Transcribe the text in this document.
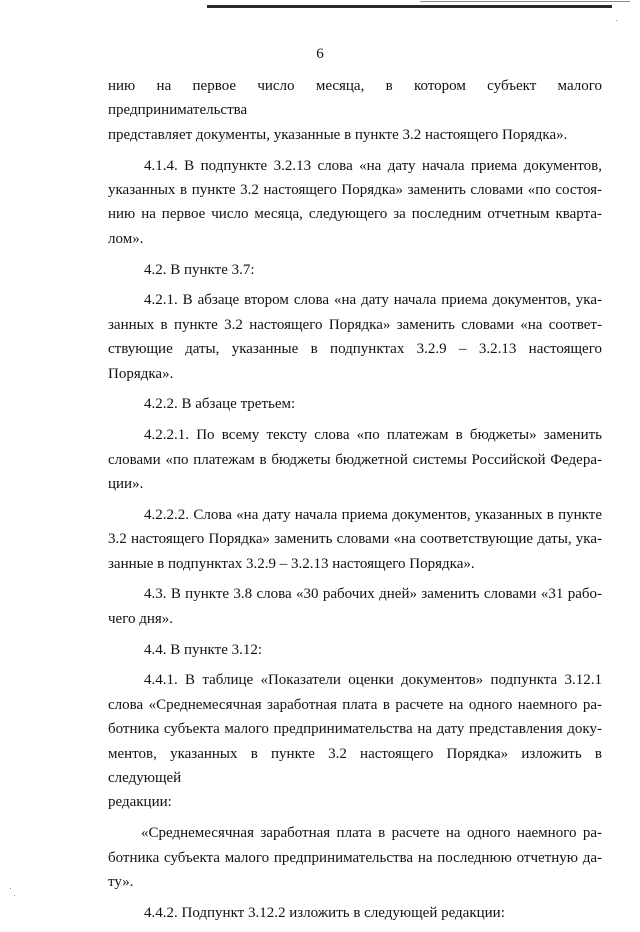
6

нию на первое число месяца, в котором субъект малого предпринимательства
представляет документы, указанные в пункте 3.2 настоящего Порядка».

4.1.4. В подпункте 3.2.13 слова «на дату начала приема документов,
указанных в пункте 3.2 настоящего Порядка» заменить словами «по состоя-
нию на первое число месяца, следующего за последним отчетным кварта-
лом».

4.2. В пункте 3.7:

4.2.1. В абзаце втором слова «на дату начала приема документов, ука-
занных в пункте 3.2 настоящего Порядка» заменить словами «на соответ-
ствующие даты, указанные в подпунктах 3.2.9 – 3.2.13 настоящего Порядка».

4.2.2. В абзаце третьем:

4.2.2.1. По всему тексту слова «по платежам в бюджеты» заменить
словами «по платежам в бюджеты бюджетной системы Российской Федера-
ции».

4.2.2.2. Слова «на дату начала приема документов, указанных в пункте
3.2 настоящего Порядка» заменить словами «на соответствующие даты, ука-
занные в подпунктах 3.2.9 – 3.2.13 настоящего Порядка».

4.3. В пункте 3.8 слова «30 рабочих дней» заменить словами «31 рабо-
чего дня».

4.4. В пункте 3.12:

4.4.1. В таблице «Показатели оценки документов» подпункта 3.12.1
слова «Среднемесячная заработная плата в расчете на одного наемного ра-
ботника субъекта малого предпринимательства на дату представления доку-
ментов, указанных в пункте 3.2 настоящего Порядка» изложить в следующей
редакции:

«Среднемесячная заработная плата в расчете на одного наемного ра-
ботника субъекта малого предпринимательства на последнюю отчетную да-
ту».

4.4.2. Подпункт 3.12.2 изложить в следующей редакции:
